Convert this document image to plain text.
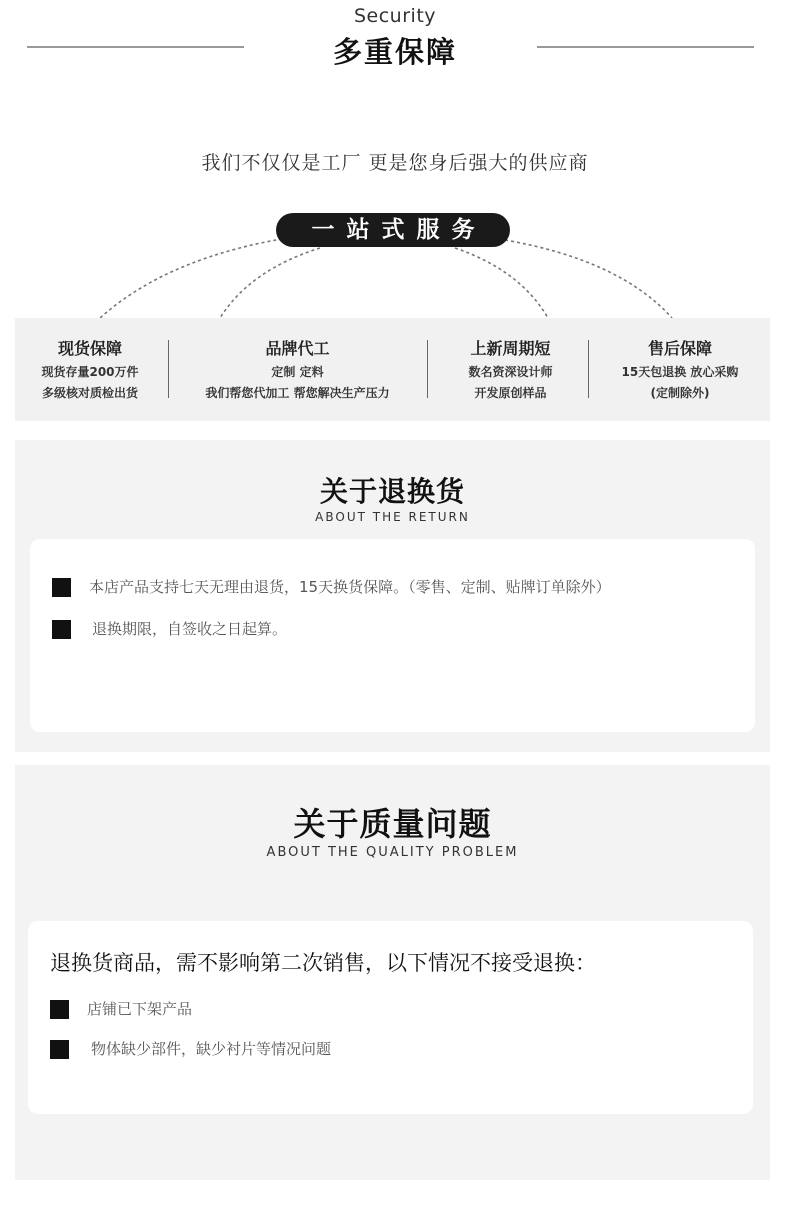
Security
多重保障
我们不仅仅是工厂 更是您身后强大的供应商
一站式服务
现货保障
现货存量200万件
多级核对质检出货
品牌代工
定制 定料
我们帮您代加工 帮您解决生产压力
上新周期短
数名资深设计师
开发原创样品
售后保障
15天包退换 放心采购
(定制除外)
关于退换货
ABOUT THE RETURN
本店产品支持七天无理由退货，15天换货保障。（零售、定制、贴牌订单除外）
退换期限，自签收之日起算。
关于质量问题
ABOUT THE QUALITY PROBLEM
退换货商品，需不影响第二次销售，以下情况不接受退换：
店铺已下架产品
物体缺少部件，缺少衬片等情况问题
